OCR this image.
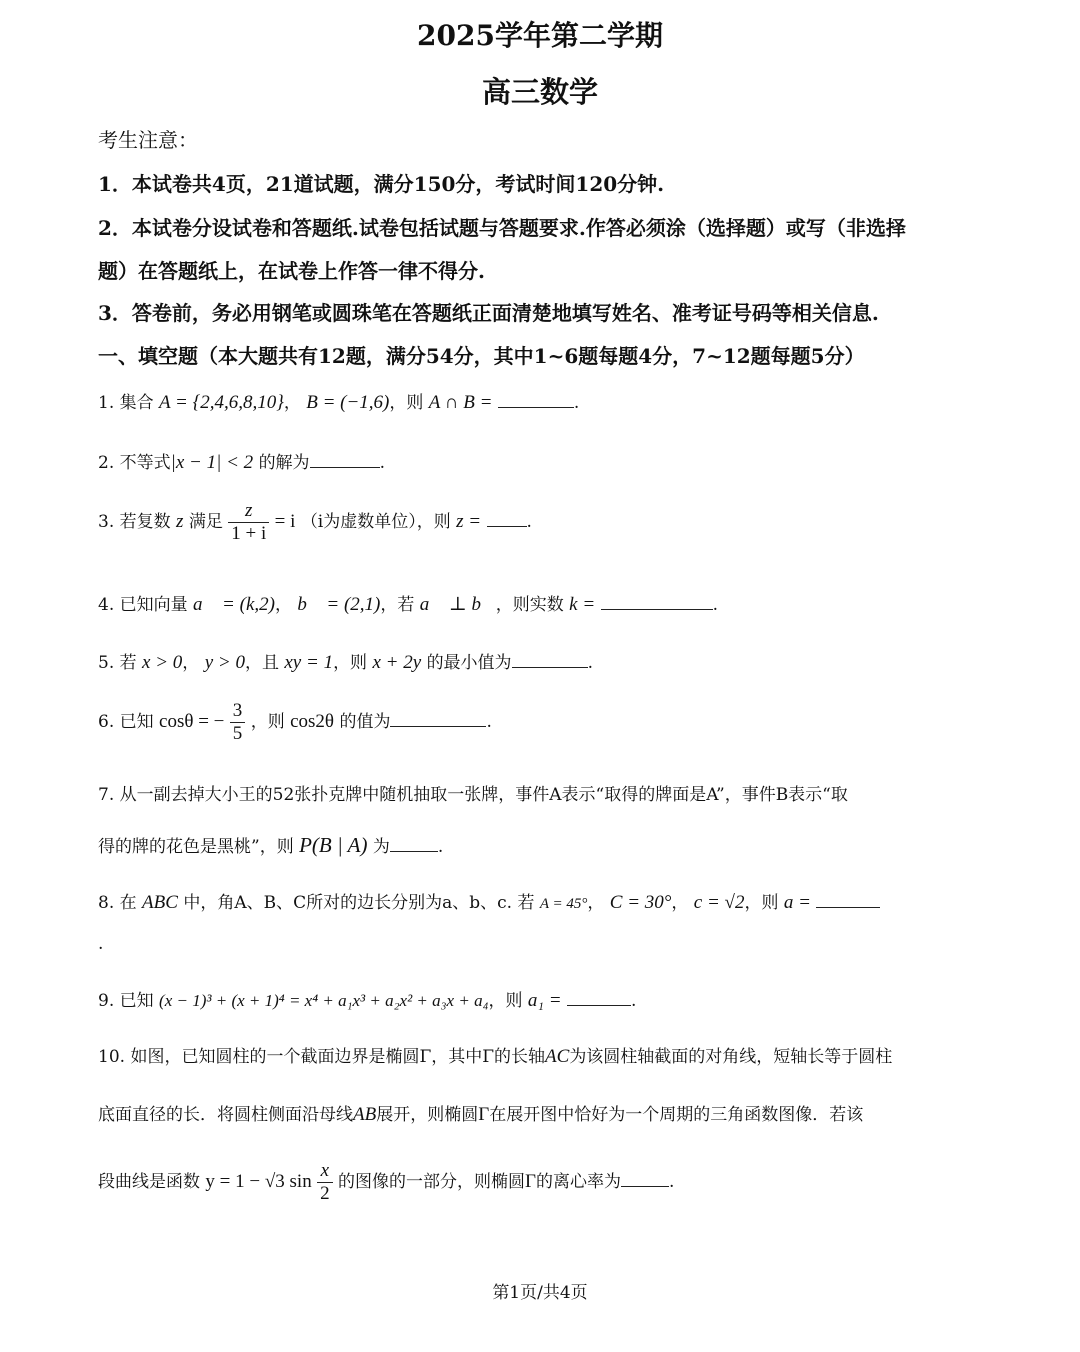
2025学年第二学期
高三数学
考生注意：
1．本试卷共4页，21道试题，满分150分，考试时间120分钟.
2．本试卷分设试卷和答题纸.试卷包括试题与答题要求.作答必须涂（选择题）或写（非选择
题）在答题纸上，在试卷上作答一律不得分.
3．答卷前，务必用钢笔或圆珠笔在答题纸正面清楚地填写姓名、准考证号码等相关信息.
一、填空题（本大题共有12题，满分54分，其中1~6题每题4分，7~12题每题5分）
1. 集合 A = {2,4,6,8,10}， B = (−1,6)，则 A ∩ B =	.
2. 不等式|x − 1| < 2 的解为	.
3. 若复数 z 满足 $\frac{z}{1 + i} = i$ （i为虚数单位），则 z =	.
4. 已知向量 a⃗ = (k,2)， b⃗ = (2,1)，若 a⃗ ⊥ b⃗，则实数 k =	.
5. 若 x > 0， y > 0，且 xy = 1，则 x + 2y 的最小值为	.
6. 已知 cosθ = − $\frac{3}{5}$ ，则 cos2θ 的值为	.
7. 从一副去掉大小王的52张扑克牌中随机抽取一张牌，事件A表示“取得的牌面是A”，事件B表示“取
得的牌的花色是黑桃”，则 P(B | A) 为	.
8. 在 ABC 中，角A、B、C所对的边长分别为a、b、c. 若 A = 45°， C = 30°， c = √2，则 a =
.
9. 已知 (x − 1)³ + (x + 1)⁴ = x⁴ + a₁x³ + a₂x² + a₃x + a₄，则 a₁ =	.
10. 如图，已知圆柱的一个截面边界是椭圆Γ，其中Γ的长轴AC为该圆柱轴截面的对角线，短轴长等于圆柱
底面直径的长．将圆柱侧面沿母线AB展开，则椭圆Γ在展开图中恰好为一个周期的三角函数图像．若该
段曲线是函数 y = 1 − √3 $\sin \frac{x}{2}$ 的图像的一部分，则椭圆Γ的离心率为	.
第1页/共4页
